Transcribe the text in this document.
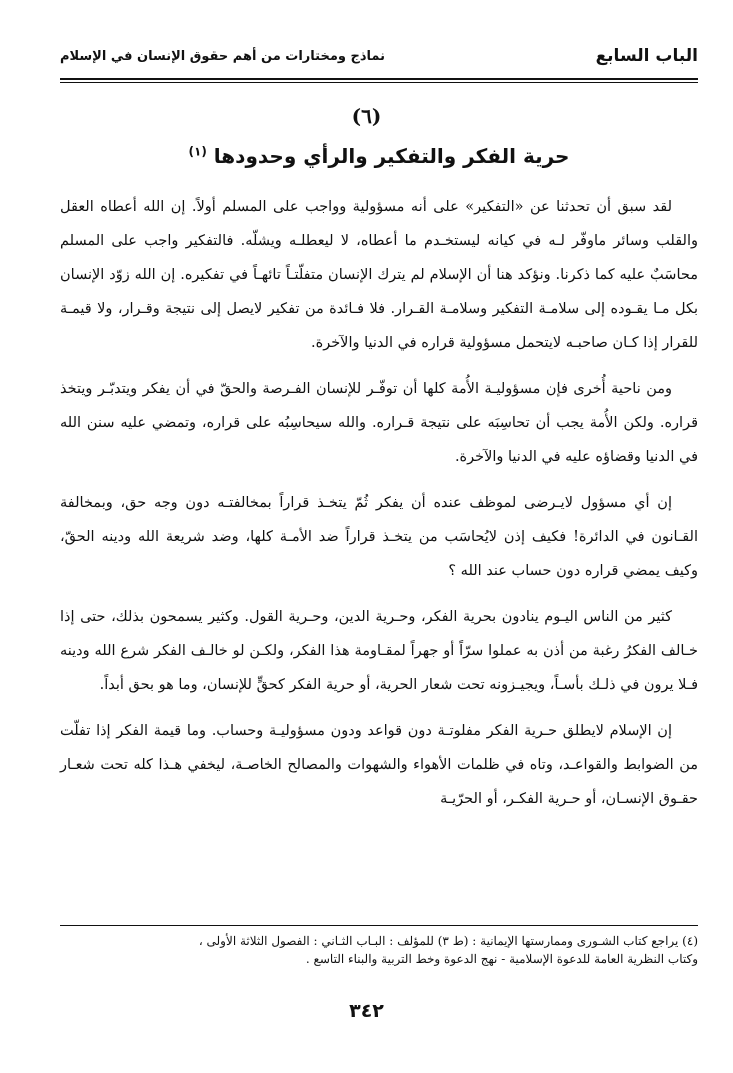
الباب السابع
نماذج ومختارات من أهم حقوق الإنسان في الإسلام
(٦)
حرية الفكر والتفكير والرأي وحدودها $^{(١)}$

لقد سبق أن تحدثنا عن «التفكير» على أنه مسؤولية وواجب على المسلم أولاً. إن الله أعطاه العقل والقلب وسائر ماوفّر لـه في كيانه ليستخـدم ما أعطاه، لا ليعطلـه ويشلّه. فالتفكير واجب على المسلم محاسَبٌ عليه كما ذكرنا. ونؤكد هنا أن الإسلام لم يترك الإنسان متفلّتـاً تائهـاً في تفكيره. إن الله زوّد الإنسان بكل مـا يقـوده إلى سلامـة التفكير وسلامـة القـرار. فلا فـائدة من تفكير لايصل إلى نتيجة وقـرار، ولا قيمـة للقرار إذا كـان صاحبـه لايتحمل مسؤولية قراره في الدنيا والآخرة.

ومن ناحية أُخرى فإن مسؤوليـة الأُمة كلها أن توفّـر للإنسان الفـرصة والحقّ في أن يفكر ويتدبّـر ويتخذ قراره. ولكن الأُمة يجب أن تحاسِبَه على نتيجة قـراره. والله سيحاسِبُه على قراره، وتمضي عليه سنن الله في الدنيا وقضاؤه عليه في الدنيا والآخرة.

إن أي مسؤول لايـرضى لموظف عنده أن يفكر ثُمّ يتخـذ قراراً بمخالفتـه دون وجه حق، وبمخالفة القـانون في الدائرة! فكيف إذن لايُحاسَب من يتخـذ قراراً ضد الأمـة كلها، وضد شريعة الله ودينه الحقّ، وكيف يمضي قراره دون حساب عند الله ؟

كثير من الناس اليـوم ينادون بحرية الفكر، وحـرية الدين، وحـرية القول. وكثير يسمحون بذلك، حتى إذا خـالف الفكرُ رغبة من أذن به عملوا سرّاً أو جهراً لمقـاومة هذا الفكر، ولكـن لو خالـف الفكر شرع الله ودينه فـلا يرون في ذلـك بأسـاً، ويجيـزونه تحت شعار الحرية، أو حرية الفكر كحقٍّ للإنسان، وما هو بحق أبداً.

إن الإسلام لايطلق حـرية الفكر مفلوتـة دون قواعد ودون مسؤوليـة وحساب. وما قيمة الفكر إذا تفلّت من الضوابط والقواعـد، وتاه في ظلمات الأهواء والشهوات والمصالح الخاصـة، ليخفي هـذا كله تحت شعـار حقـوق الإنسـان، أو حـرية الفكـر، أو الحرّيـة

(٤) يراجع كتاب الشـورى وممارستها الإيمانية : (ط ٣) للمؤلف : البـاب الثـاني : الفصول الثلاثة الأولى ،

وكتاب النظرية العامة للدعوة الإسلامية - نهج الدعوة وخط التربية والبناء التاسع .

٣٤٢
